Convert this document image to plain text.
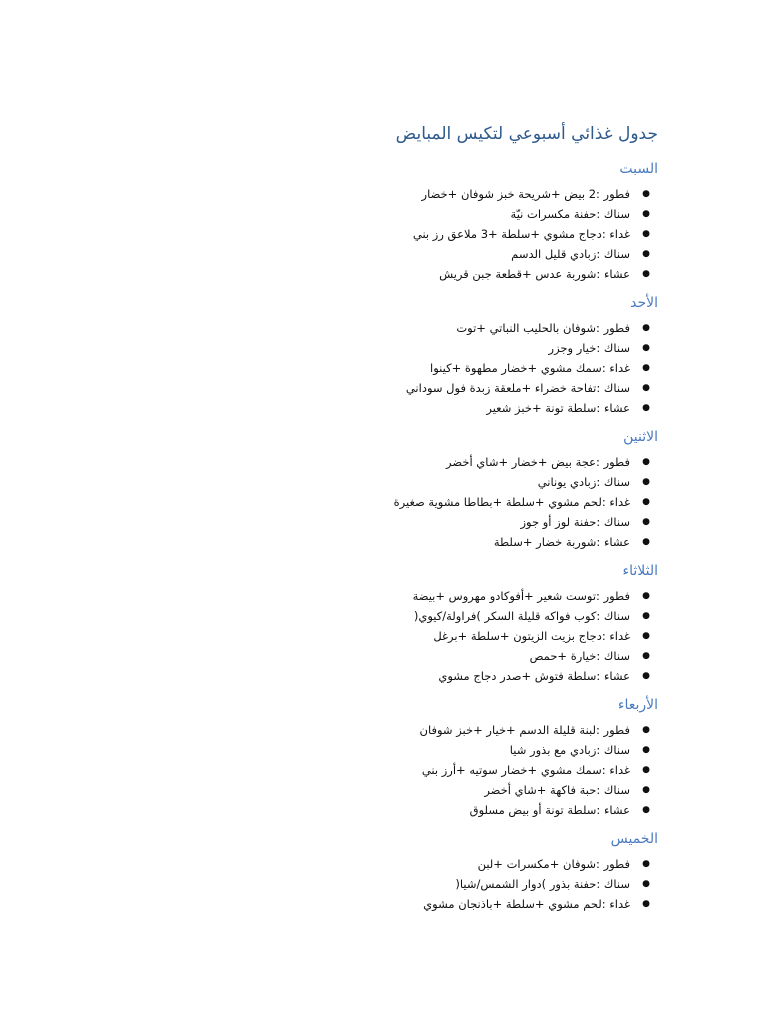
جدول غذائي أسبوعي لتكيس المبايض
السبت
●
فطور :2 بيض +شريحة خبز شوفان +خضار
●
سناك :حفنة مكسرات نيّة
●
غداء :دجاج مشوي +سلطة +3 ملاعق رز بني
●
سناك :زبادي قليل الدسم
●
عشاء :شوربة عدس +قطعة جبن قريش
الأحد
●
فطور :شوفان بالحليب النباتي +توت
●
سناك :خيار وجزر
●
غداء :سمك مشوي +خضار مطهوة +كينوا
●
سناك :تفاحة خضراء +ملعقة زبدة فول سوداني
●
عشاء :سلطة تونة +خبز شعير
الاثنين
●
فطور :عجة بيض +خضار +شاي أخضر
●
سناك :زبادي يوناني
●
غداء :لحم مشوي +سلطة +بطاطا مشوية صغيرة
●
سناك :حفنة لوز أو جوز
●
عشاء :شوربة خضار +سلطة
الثلاثاء
●
فطور :توست شعير +أفوكادو مهروس +بيضة
●
سناك :كوب فواكه قليلة السكر )فراولة/كيوي(
●
غداء :دجاج بزيت الزيتون +سلطة +برغل
●
سناك :خيارة +حمص
●
عشاء :سلطة فتوش +صدر دجاج مشوي
الأربعاء
●
فطور :لبنة قليلة الدسم +خيار +خبز شوفان
●
سناك :زبادي مع بذور شيا
●
غداء :سمك مشوي +خضار سوتيه +أرز بني
●
سناك :حبة فاكهة +شاي أخضر
●
عشاء :سلطة تونة أو بيض مسلوق
الخميس
●
فطور :شوفان +مكسرات +لبن
●
سناك :حفنة بذور )دوار الشمس/شيا(
●
غداء :لحم مشوي +سلطة +باذنجان مشوي
